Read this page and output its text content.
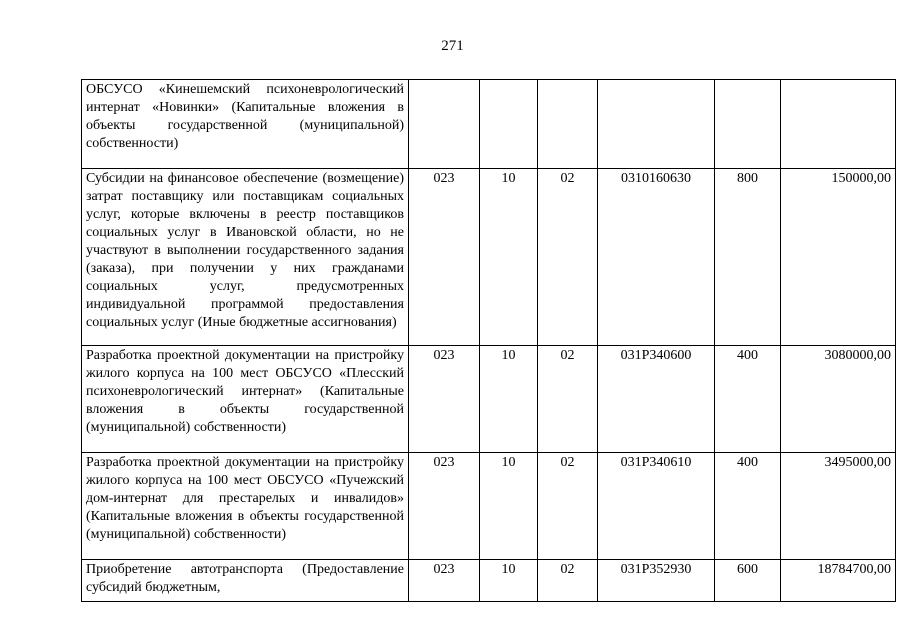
271
ОБСУСО «Кинешемский психоневрологический интернат «Новинки» (Капитальные вложения в объекты государственной (муниципальной) собственности)						
Субсидии на финансовое обеспечение (возмещение) затрат поставщику или поставщикам социальных услуг, которые включены в реестр поставщиков социальных услуг в Ивановской области, но не участвуют в выполнении государственного задания (заказа), при получении у них гражданами социальных услуг, предусмотренных индивидуальной программой предоставления социальных услуг (Иные бюджетные ассигнования)	023	10	02	0310160630	800	150000,00
Разработка проектной документации на пристройку жилого корпуса на 100 мест ОБСУСО «Плесский психоневрологический интернат» (Капитальные вложения в объекты государственной (муниципальной) собственности)	023	10	02	031P340600	400	3080000,00
Разработка проектной документации на пристройку жилого корпуса на 100 мест ОБСУСО «Пучежский дом-интернат для престарелых и инвалидов» (Капитальные вложения в объекты государственной (муниципальной) собственности)	023	10	02	031P340610	400	3495000,00
Приобретение автотранспорта (Предоставление субсидий бюджетным,	023	10	02	031P352930	600	18784700,00
